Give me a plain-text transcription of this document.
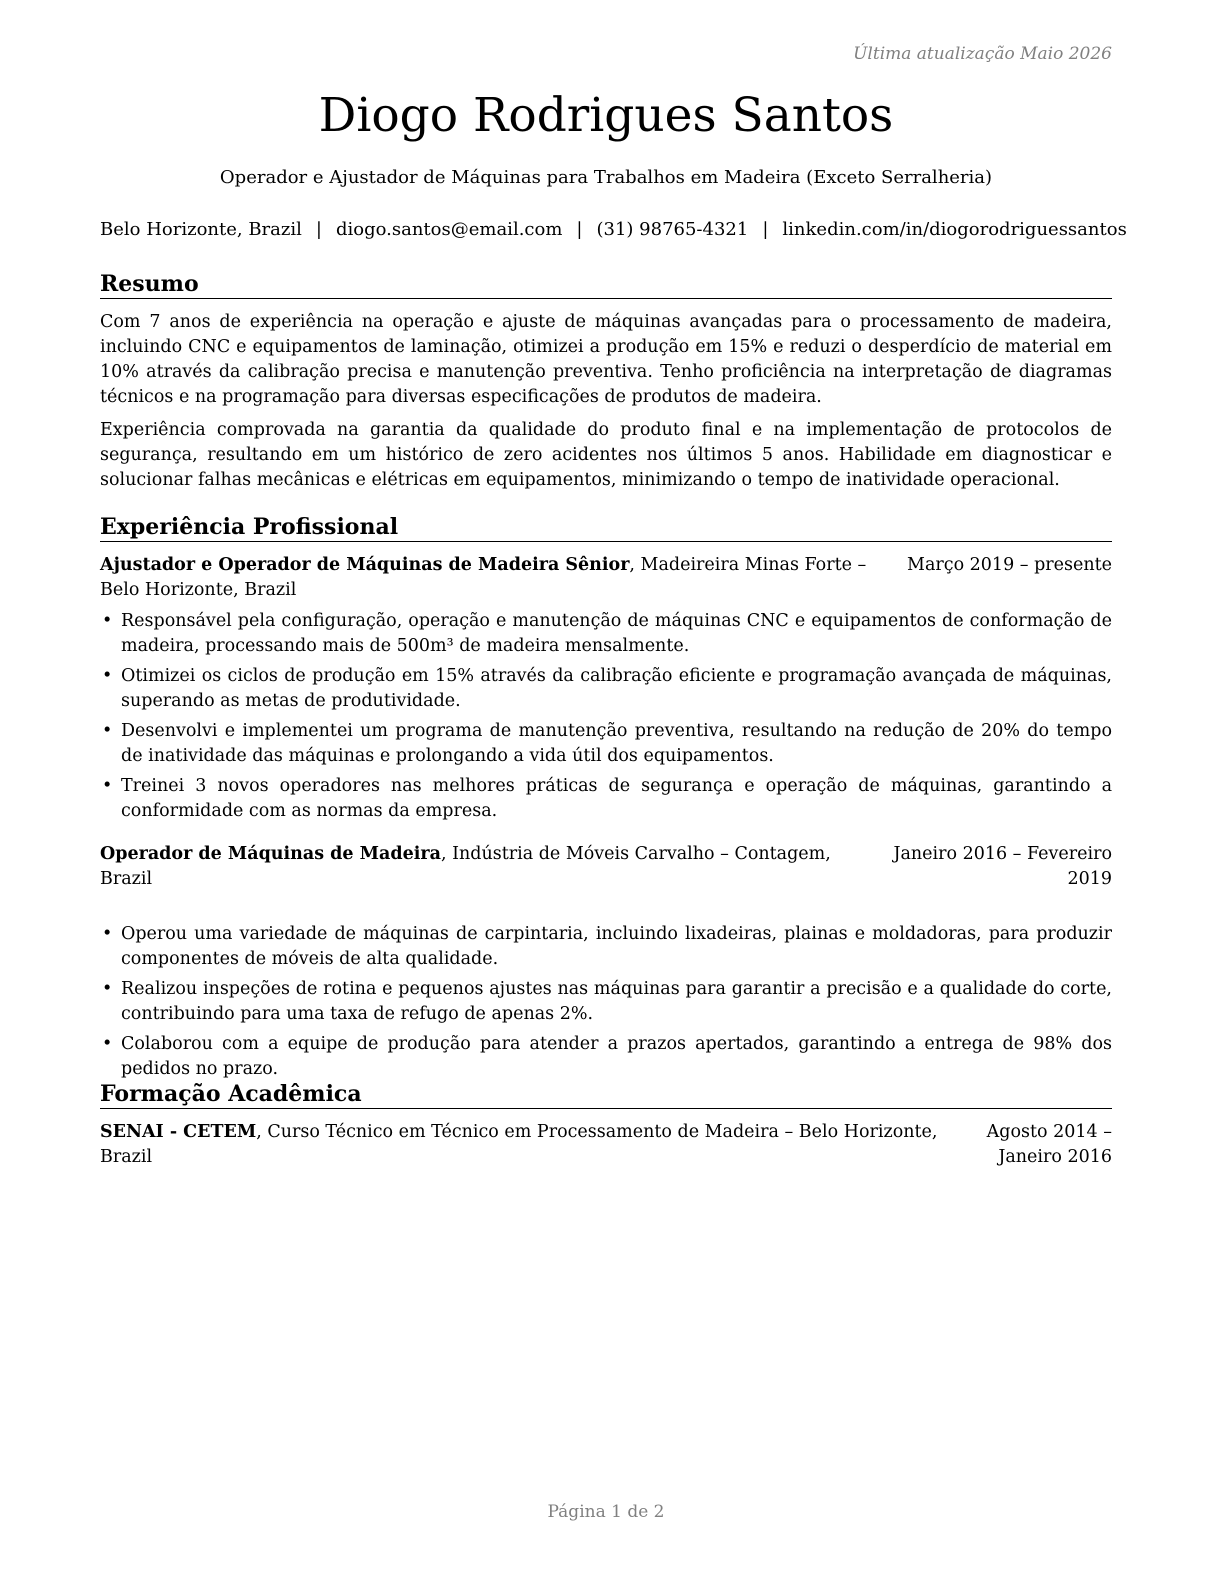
Última atualização Maio 2026
Diogo Rodrigues Santos
Operador e Ajustador de Máquinas para Trabalhos em Madeira (Exceto Serralheria)
Belo Horizonte, Brazil | diogo.santos@email.com | (31) 98765-4321 | linkedin.com/in/diogorodriguessantos
Resumo

Com 7 anos de experiência na operação e ajuste de máquinas avançadas para o processamento de madeira, incluindo CNC e equipamentos de laminação, otimizei a produção em 15% e reduzi o desperdício de material em 10% através da calibração precisa e manutenção preventiva. Tenho proficiência na interpretação de diagramas técnicos e na programação para diversas especificações de produtos de madeira.

Experiência comprovada na garantia da qualidade do produto final e na implementação de protocolos de segurança, resultando em um histórico de zero acidentes nos últimos 5 anos. Habilidade em diagnosticar e solucionar falhas mecânicas e elétricas em equipamentos, minimizando o tempo de inatividade operacional.

Experiência Profissional
Ajustador e Operador de Máquinas de Madeira Sênior, Madeireira Minas Forte – Belo Horizonte, Brazil
Março 2019 – presente
• Responsável pela configuração, operação e manutenção de máquinas CNC e equipamentos de conformação de madeira, processando mais de 500m³ de madeira mensalmente.
• Otimizei os ciclos de produção em 15% através da calibração eficiente e programação avançada de máquinas, superando as metas de produtividade.
• Desenvolvi e implementei um programa de manutenção preventiva, resultando na redução de 20% do tempo de inatividade das máquinas e prolongando a vida útil dos equipamentos.
• Treinei 3 novos operadores nas melhores práticas de segurança e operação de máquinas, garantindo a conformidade com as normas da empresa.
Operador de Máquinas de Madeira, Indústria de Móveis Carvalho – Contagem, Brazil
Janeiro 2016 – Fevereiro 2019
• Operou uma variedade de máquinas de carpintaria, incluindo lixadeiras, plainas e moldadoras, para produzir componentes de móveis de alta qualidade.
• Realizou inspeções de rotina e pequenos ajustes nas máquinas para garantir a precisão e a qualidade do corte, contribuindo para uma taxa de refugo de apenas 2%.
• Colaborou com a equipe de produção para atender a prazos apertados, garantindo a entrega de 98% dos pedidos no prazo.
Formação Acadêmica
SENAI - CETEM, Curso Técnico em Técnico em Processamento de Madeira – Belo Horizonte, Brazil
Agosto 2014 – Janeiro 2016
Página 1 de 2
